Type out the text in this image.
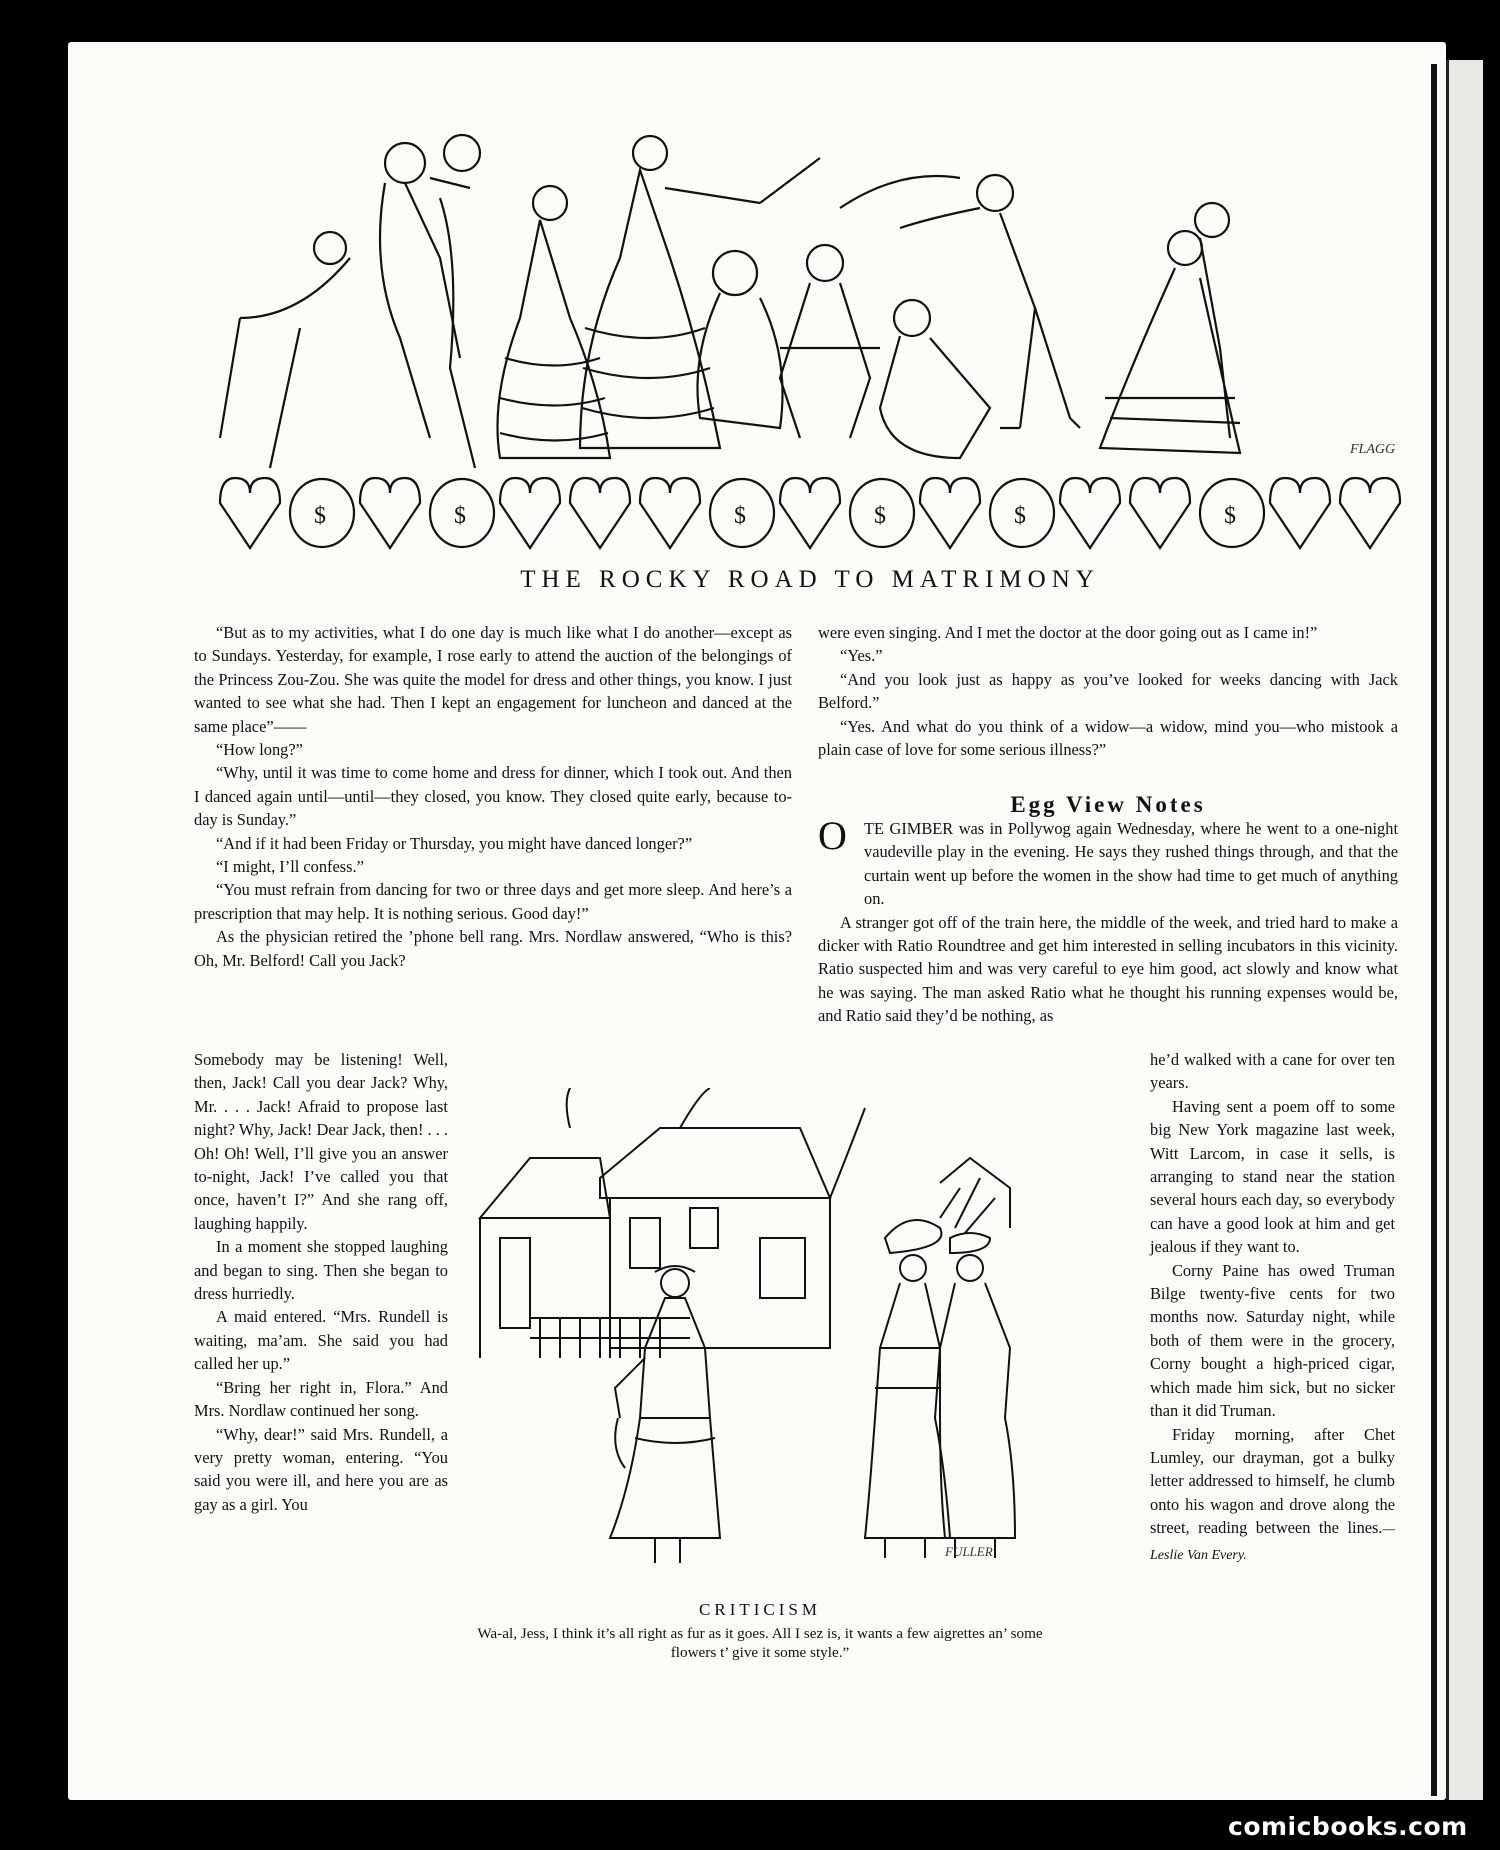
$	$	$	$	$	$
FLAGG
THE ROCKY ROAD TO MATRIMONY

“But as to my activities, what I do one day is much like what I do another—except as to Sundays. Yesterday, for example, I rose early to attend the auction of the belongings of the Princess Zou-Zou. She was quite the model for dress and other things, you know. I just wanted to see what she had. Then I kept an engagement for luncheon and danced at the same place”——

“How long?”

“Why, until it was time to come home and dress for dinner, which I took out. And then I danced again until—until—they closed, you know. They closed quite early, because to-day is Sunday.”

“And if it had been Friday or Thursday, you might have danced longer?”

“I might, I’ll confess.”

“You must refrain from dancing for two or three days and get more sleep. And here’s a prescription that may help. It is nothing serious. Good day!”

As the physician retired the ’phone bell rang. Mrs. Nordlaw answered, “Who is this? Oh, Mr. Belford! Call you Jack?

Somebody may be listening! Well, then, Jack! Call you dear Jack? Why, Mr. . . . Jack! Afraid to propose last night? Why, Jack! Dear Jack, then! . . . Oh! Oh! Well, I’ll give you an answer to-night, Jack! I’ve called you that once, haven’t I?” And she rang off, laughing happily.

In a moment she stopped laughing and began to sing. Then she began to dress hurriedly.

A maid entered. “Mrs. Rundell is waiting, ma’am. She said you had called her up.”

“Bring her right in, Flora.” And Mrs. Nordlaw continued her song.

“Why, dear!” said Mrs. Rundell, a very pretty woman, entering. “You said you were ill, and here you are as gay as a girl. You

were even singing. And I met the doctor at the door going out as I came in!”

“Yes.”

“And you look just as happy as you’ve looked for weeks dancing with Jack Belford.”

“Yes. And what do you think of a widow—a widow, mind you—who mistook a plain case of love for some serious illness?”

Egg View Notes
O	TE GIMBER was in Pollywog again Wednesday, where he went to a one-night vaudeville play in the evening. He says they rushed things through, and that the curtain went up before the women in the show had time to get much of anything on.

A stranger got off of the train here, the middle of the week, and tried hard to make a dicker with Ratio Roundtree and get him interested in selling incubators in this vicinity. Ratio suspected him and was very careful to eye him good, act slowly and know what he was saying. The man asked Ratio what he thought his running expenses would be, and Ratio said they’d be nothing, as

he’d walked with a cane for over ten years.

Having sent a poem off to some big New York magazine last week, Witt Larcom, in case it sells, is arranging to stand near the station several hours each day, so everybody can have a good look at him and get jealous if they want to.

Corny Paine has owed Truman Bilge twenty-five cents for two months now. Saturday night, while both of them were in the grocery, Corny bought a high-priced cigar, which made him sick, but no sicker than it did Truman.

Friday morning, after Chet Lumley, our drayman, got a bulky letter addressed to himself, he clumb onto his wagon and drove along the street, reading between the lines.—Leslie Van Every.

FULLER
CRITICISM
Wa-al, Jess, I think it’s all right as fur as it goes. All I sez is, it wants a few aigrettes an’ some flowers t’ give it some style.”
comicbooks.com
